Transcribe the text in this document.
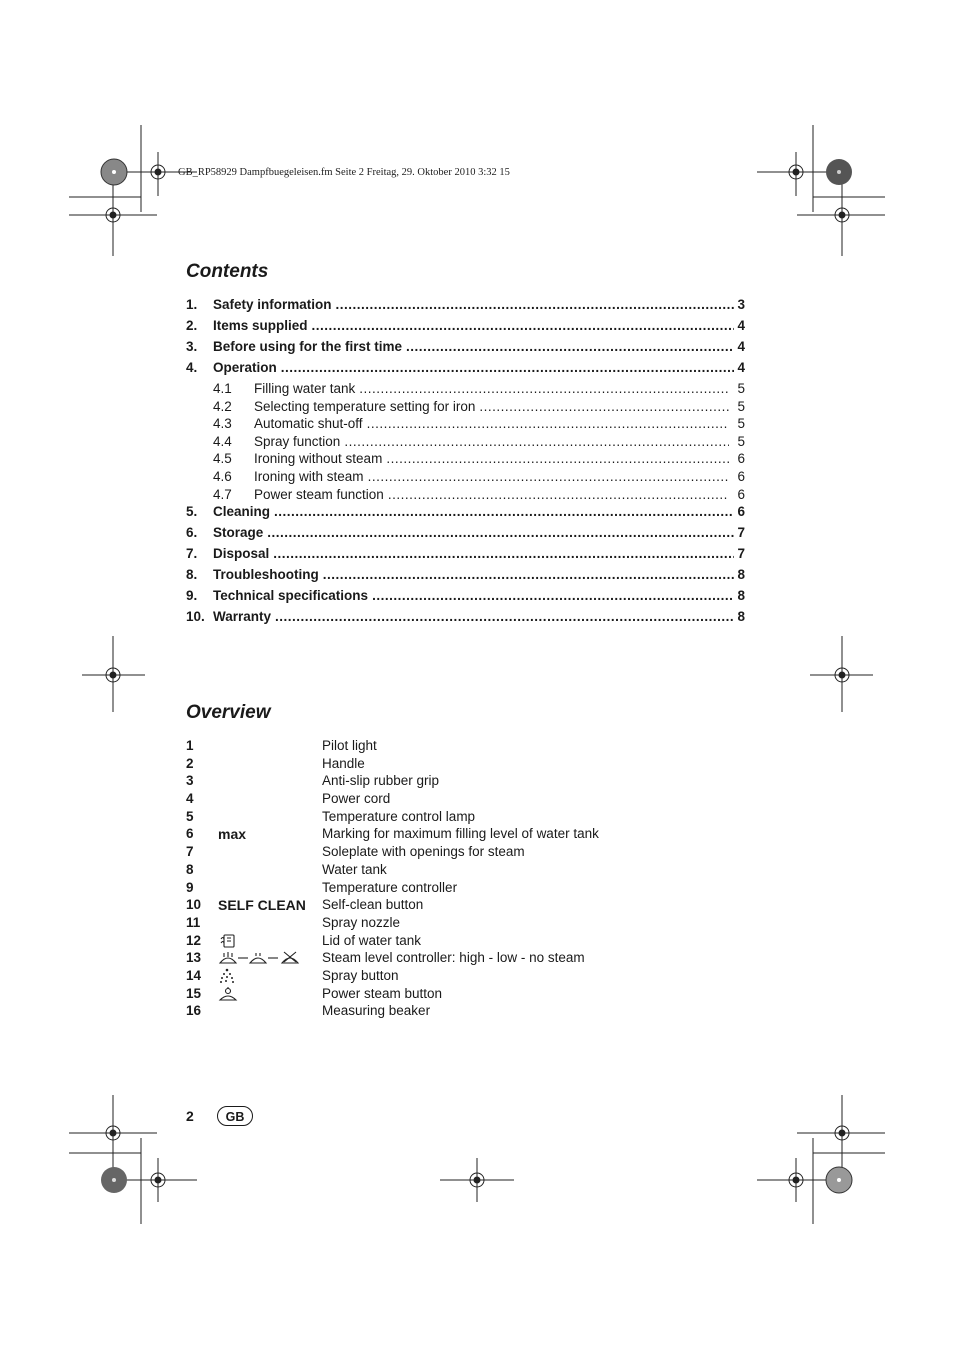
GB_RP58929 Dampfbuegeleisen.fm Seite 2 Freitag, 29. Oktober 2010 3:32 15
Contents
1.	Safety information .....	3
2.	Items supplied .....	4
3.	Before using for the first time .....	4
4.	Operation .....	4
4.1	Filling water tank .....	5
4.2	Selecting temperature setting for iron .....	5
4.3	Automatic shut-off .....	5
4.4	Spray function .....	5
4.5	Ironing without steam .....	6
4.6	Ironing with steam .....	6
4.7	Power steam function .....	6
5.	Cleaning .....	6
6.	Storage .....	7
7.	Disposal .....	7
8.	Troubleshooting .....	8
9.	Technical specifications .....	8
10. Warranty .....	8
Overview
1	Pilot light
2	Handle
3	Anti-slip rubber grip
4	Power cord
5	Temperature control lamp
6 max	Marking for maximum filling level of water tank
7	Soleplate with openings for steam
8	Water tank
9	Temperature controller
10 SELF CLEAN Self-clean button
11	Spray nozzle
12	Lid of water tank
13	Steam level controller: high - low - no steam
14	Spray button
15	Power steam button
16	Measuring beaker
2	GB
